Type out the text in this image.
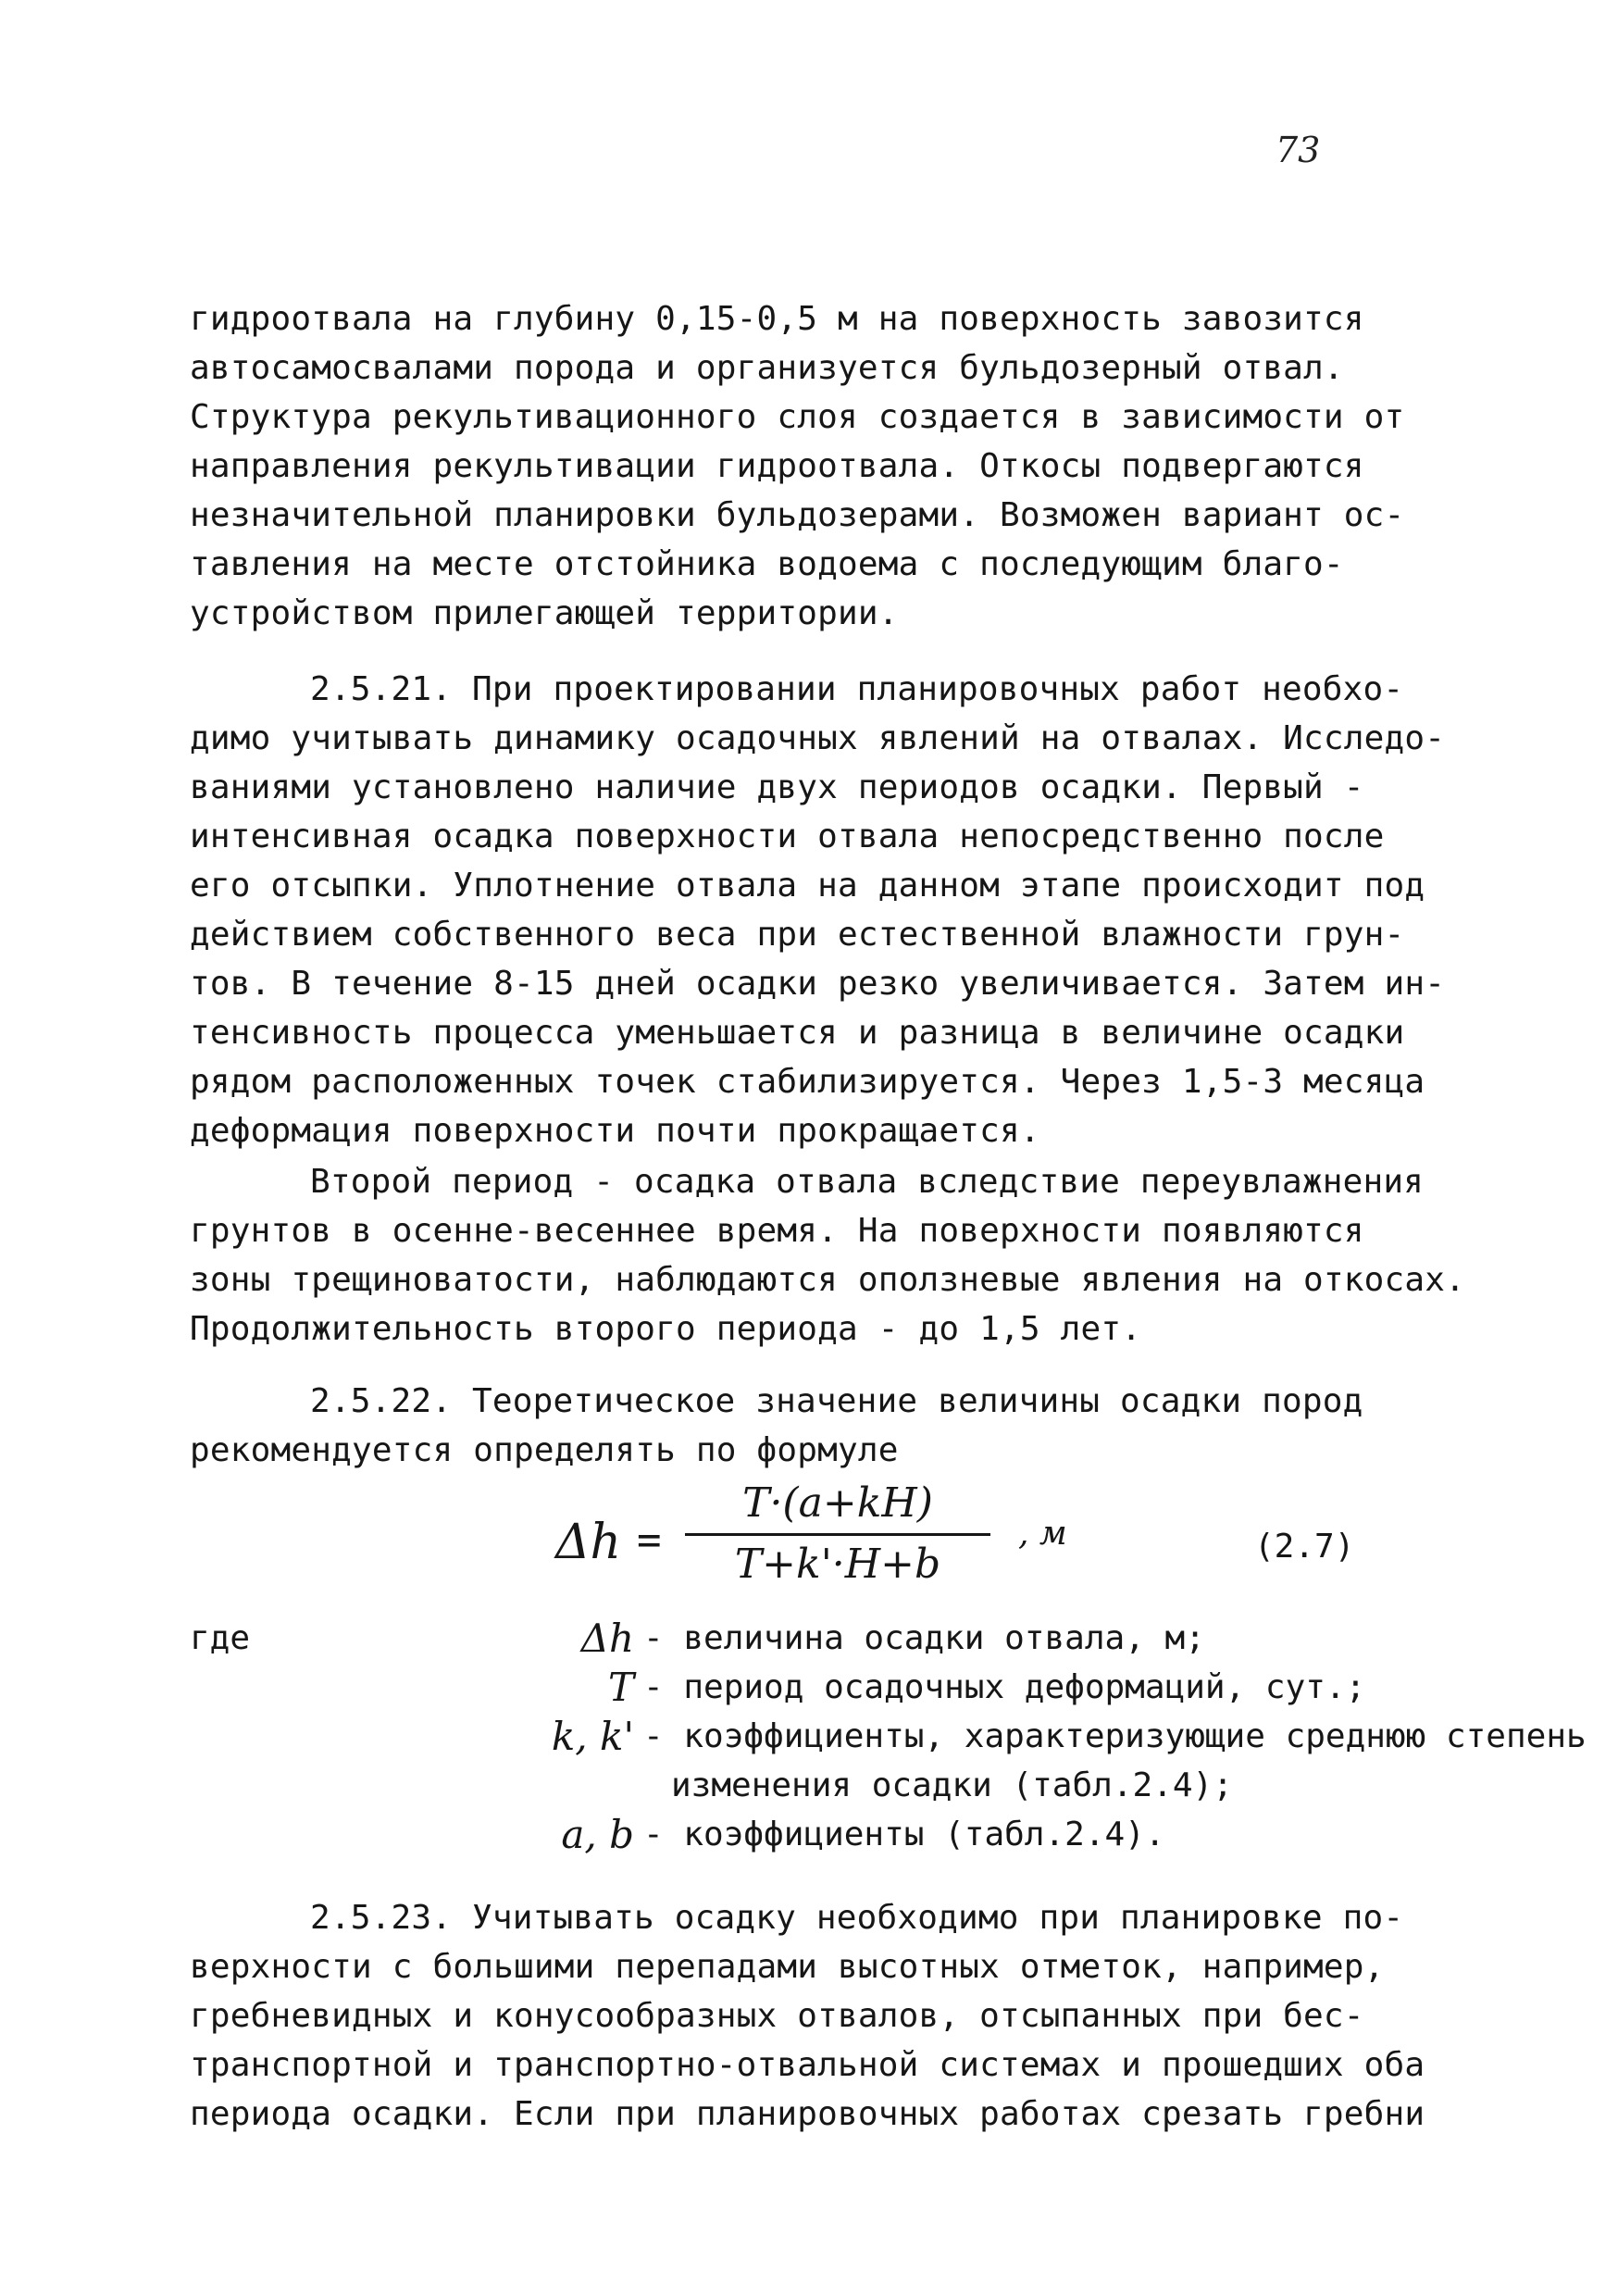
73
гидроотвала на глубину 0,15-0,5 м на поверхность завозится
автосамосвалами порода и организуется бульдозерный отвал.
Структура рекультивационного слоя создается в зависимости от
направления рекультивации гидроотвала. Откосы подвергаются
незначительной планировки бульдозерами. Возможен вариант ос-
тавления на месте отстойника водоема с последующим благо-
устройством прилегающей территории.
2.5.21. При проектировании планировочных работ необхо-
димо учитывать динамику осадочных явлений на отвалах. Исследо-
ваниями установлено наличие двух периодов осадки. Первый -
интенсивная осадка поверхности отвала непосредственно после
его отсыпки. Уплотнение отвала на данном этапе происходит под
действием собственного веса при естественной влажности грун-
тов. В течение 8-15 дней осадки резко увеличивается. Затем ин-
тенсивность процесса уменьшается и разница в величине осадки
рядом расположенных точек стабилизируется. Через 1,5-3 месяца
деформация поверхности почти прокращается.
Второй период - осадка отвала вследствие переувлажнения
грунтов в осенне-весеннее время. На поверхности появляются
зоны трещиноватости, наблюдаются оползневые явления на откосах.
Продолжительность второго периода - до 1,5 лет.
2.5.22. Теоретическое значение величины осадки пород
рекомендуется определять по формуле
Δh =
T·(a+kH)
T+k'·H+b
, м	(2.7)
где	Δh - величина осадки отвала, м;
T - период осадочных деформаций, сут.;
k, k' - коэффициенты, характеризующие среднюю степень
изменения осадки (табл.2.4);
a, b - коэффициенты (табл.2.4).
2.5.23. Учитывать осадку необходимо при планировке по-
верхности с большими перепадами высотных отметок, например,
гребневидных и конусообразных отвалов, отсыпанных при бес-
транспортной и транспортно-отвальной системах и прошедших оба
периода осадки. Если при планировочных работах срезать гребни
